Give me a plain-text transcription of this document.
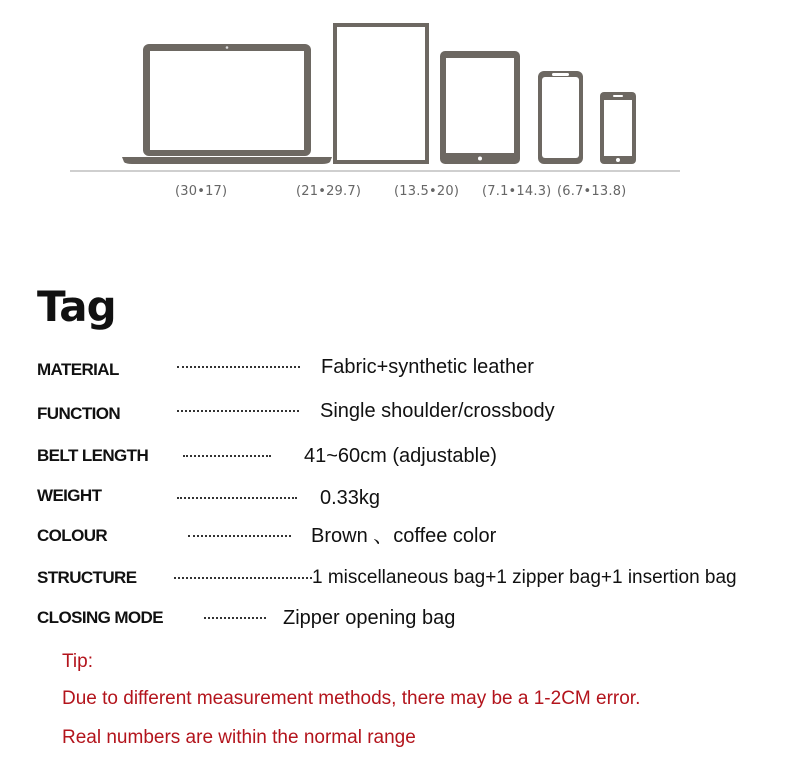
(30•17)	(21•29.7)	(13.5•20) (7.1•14.3) (6.7•13.8)
Tag
MATERIAL	Fabric+synthetic leather
FUNCTION	Single shoulder/crossbody
BELT LENGTH	41~60cm (adjustable)
WEIGHT	0.33kg
COLOUR	Brown 、coffee color
STRUCTURE	1 miscellaneous bag+1 zipper bag+1 insertion bag
CLOSING MODE	Zipper opening bag
Tip:
Due to different measurement methods, there may be a 1-2CM error.
Real numbers are within the normal range
